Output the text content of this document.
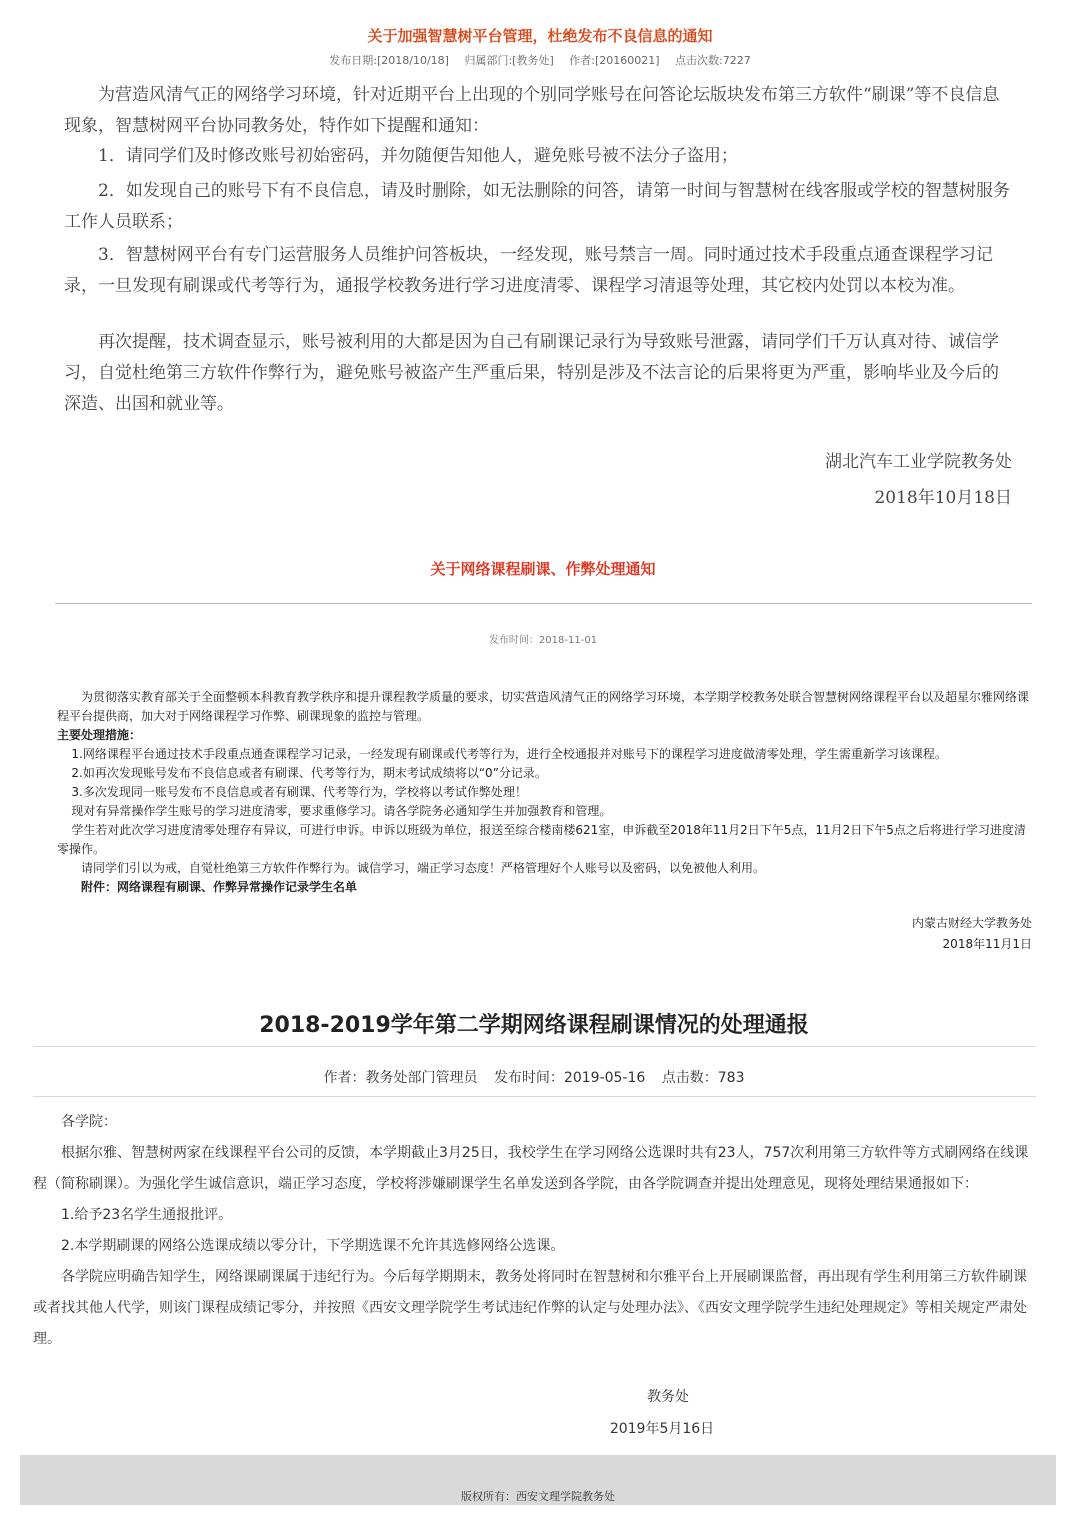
关于加强智慧树平台管理，杜绝发布不良信息的通知
发布日期:[2018/10/18] 归属部门:[教务处] 作者:[20160021] 点击次数:7227

为营造风清气正的网络学习环境，针对近期平台上出现的个别同学账号在问答论坛版块发布第三方软件“刷课”等不良信息现象，智慧树网平台协同教务处，特作如下提醒和通知：

1．请同学们及时修改账号初始密码，并勿随便告知他人，避免账号被不法分子盗用；

2．如发现自己的账号下有不良信息，请及时删除，如无法删除的问答，请第一时间与智慧树在线客服或学校的智慧树服务工作人员联系；

3．智慧树网平台有专门运营服务人员维护问答板块，一经发现，账号禁言一周。同时通过技术手段重点通查课程学习记录，一旦发现有刷课或代考等行为，通报学校教务进行学习进度清零、课程学习清退等处理，其它校内处罚以本校为准。

再次提醒，技术调查显示，账号被利用的大都是因为自己有刷课记录行为导致账号泄露，请同学们千万认真对待、诚信学习，自觉杜绝第三方软件作弊行为，避免账号被盗产生严重后果，特别是涉及不法言论的后果将更为严重，影响毕业及今后的深造、出国和就业等。

湖北汽车工业学院教务处
2018年10月18日
关于网络课程刷课、作弊处理通知
发布时间：2018-11-01

为贯彻落实教育部关于全面整顿本科教育教学秩序和提升课程教学质量的要求，切实营造风清气正的网络学习环境，本学期学校教务处联合智慧树网络课程平台以及超星尔雅网络课程平台提供商，加大对于网络课程学习作弊、刷课现象的监控与管理。

主要处理措施：

1.网络课程平台通过技术手段重点通查课程学习记录，一经发现有刷课或代考等行为，进行全校通报并对账号下的课程学习进度做清零处理，学生需重新学习该课程。

2.如再次发现账号发布不良信息或者有刷课、代考等行为，期末考试成绩将以“0”分记录。

3.多次发现同一账号发布不良信息或者有刷课、代考等行为，学校将以考试作弊处理！

现对有异常操作学生账号的学习进度清零，要求重修学习。请各学院务必通知学生并加强教育和管理。

学生若对此次学习进度清零处理存有异议，可进行申诉。申诉以班级为单位，报送至综合楼南楼621室，申诉截至2018年11月2日下午5点，11月2日下午5点之后将进行学习进度清零操作。

请同学们引以为戒，自觉杜绝第三方软件作弊行为。诚信学习，端正学习态度！严格管理好个人账号以及密码，以免被他人利用。

附件：网络课程有刷课、作弊异常操作记录学生名单

内蒙古财经大学教务处
2018年11月1日
2018-2019学年第二学期网络课程刷课情况的处理通报
作者：教务处部门管理员 发布时间：2019-05-16 点击数：783

各学院：

根据尔雅、智慧树两家在线课程平台公司的反馈，本学期截止3月25日，我校学生在学习网络公选课时共有23人，757次利用第三方软件等方式刷网络在线课程（简称刷课）。为强化学生诚信意识，端正学习态度，学校将涉嫌刷课学生名单发送到各学院，由各学院调查并提出处理意见，现将处理结果通报如下：

1.给予23名学生通报批评。

2.本学期刷课的网络公选课成绩以零分计，下学期选课不允许其选修网络公选课。

各学院应明确告知学生，网络课刷课属于违纪行为。今后每学期期末，教务处将同时在智慧树和尔雅平台上开展刷课监督，再出现有学生利用第三方软件刷课或者找其他人代学，则该门课程成绩记零分，并按照《西安文理学院学生考试违纪作弊的认定与处理办法》、《西安文理学院学生违纪处理规定》等相关规定严肃处理。

教务处
2019年5月16日
版权所有：西安文理学院教务处
